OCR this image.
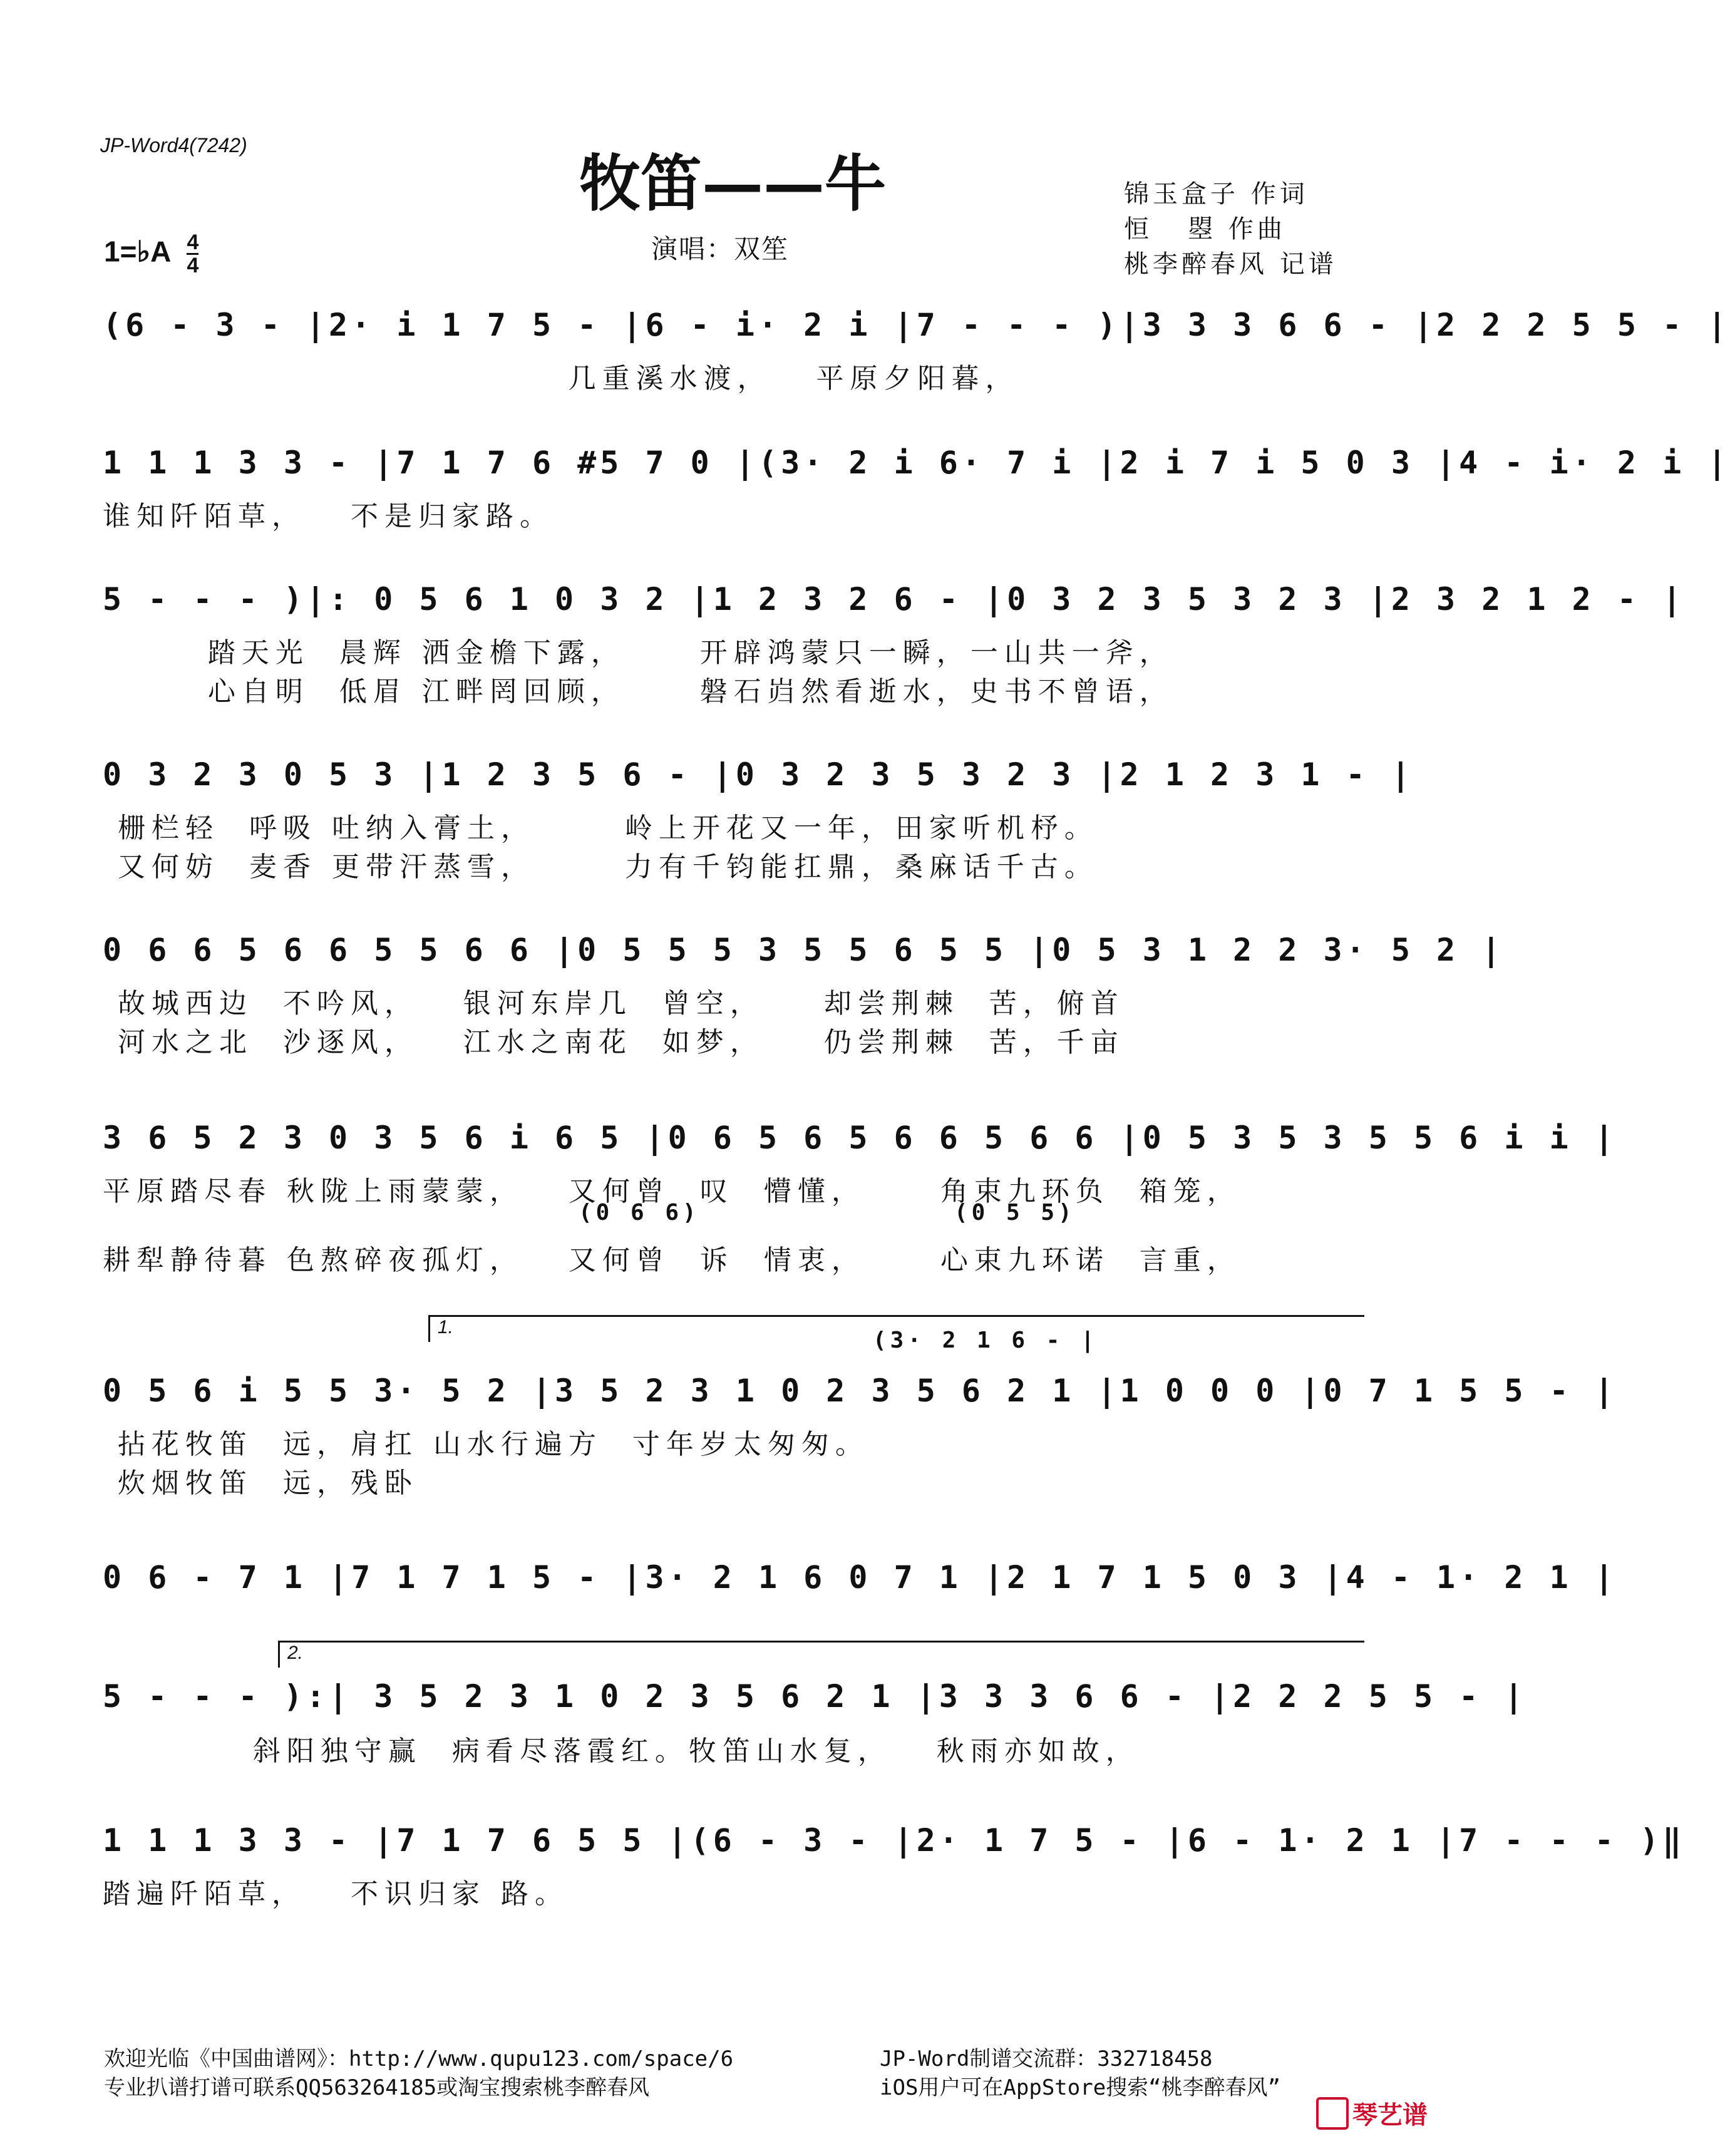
JP-Word4(7242)
牧笛——牛
演唱：双笙
锦玉盒子 作词
恒   曌 作曲
桃李醉春风 记谱
1=♭A $\frac{4}{4}$
(6 - 3 - |2· i 1 7 5 - |6 - i· 2 i |7 - - - )|3 3 3 6 6 - |2 2 2 5 5 - |
几重溪水渡，   平原夕阳暮，
1 1 1 3 3 - |7 1 7 6 #5 7 0 |(3· 2 i 6· 7 i |2 i 7 i 5 0 3 |4 - i· 2 i |
谁知阡陌草，   不是归家路。
5 - - - )|: 0 5 6 1 0 3 2 |1 2 3 2 6 - |0 3 2 3 5 3 2 3 |2 3 2 1 2 - |
踏天光  晨辉 洒金檐下露，     开辟鸿蒙只一瞬，一山共一斧，
心自明  低眉 江畔罔回顾，     磐石岿然看逝水，史书不曾语，
0 3 2 3 0 5 3 |1 2 3 5 6 - |0 3 2 3 5 3 2 3 |2 1 2 3 1 - |
栅栏轻  呼吸 吐纳入膏土，      岭上开花又一年，田家听机杼。
又何妨  麦香 更带汗蒸雪，      力有千钧能扛鼎，桑麻话千古。
0 6 6 5 6 6 5 5 6 6 |0 5 5 5 3 5 5 6 5 5 |0 5 3 1 2 2 3· 5 2 |
故城西边  不吟风，   银河东岸几  曾空，    却尝荆棘  苦，俯首
河水之北  沙逐风，   江水之南花  如梦，    仍尝荆棘  苦，千亩
3 6 5 2 3 0 3 5 6 i 6 5 |0 6 5 6 5 6 6 5 6 6 |0 5 3 5 3 5 5 6 i i |
平原踏尽春 秋陇上雨蒙蒙，   又何曾  叹  懵懂，     角束九环负  箱笼，
(0 6 6)	(0 5 5)
耕犁静待暮 色熬碎夜孤灯，   又何曾  诉  情衷，     心束九环诺  言重，
1.
(3· 2 1 6 - |
0 5 6 i 5 5 3· 5 2 |3 5 2 3 1 0 2 3 5 6 2 1 |1 0 0 0 |0 7 1 5 5 - |
拈花牧笛  远，肩扛 山水行遍方  寸年岁太匆匆。
炊烟牧笛  远，残卧
0 6 - 7 1 |7 1 7 1 5 - |3· 2 1 6 0 7 1 |2 1 7 1 5 0 3 |4 - 1· 2 1 |
2.
5 - - - ):| 3 5 2 3 1 0 2 3 5 6 2 1 |3 3 3 6 6 - |2 2 2 5 5 - |
斜阳独守赢  病看尽落霞红。牧笛山水复，   秋雨亦如故，
1 1 1 3 3 - |7 1 7 6 5 5 |(6 - 3 - |2· 1 7 5 - |6 - 1· 2 1 |7 - - - )‖
踏遍阡陌草，   不识归家 路。
欢迎光临《中国曲谱网》：http://www.qupu123.com/space/6
专业扒谱打谱可联系QQ563264185或淘宝搜索桃李醉春风
JP-Word制谱交流群：332718458
iOS用户可在AppStore搜索“桃李醉春风”
琴艺谱
